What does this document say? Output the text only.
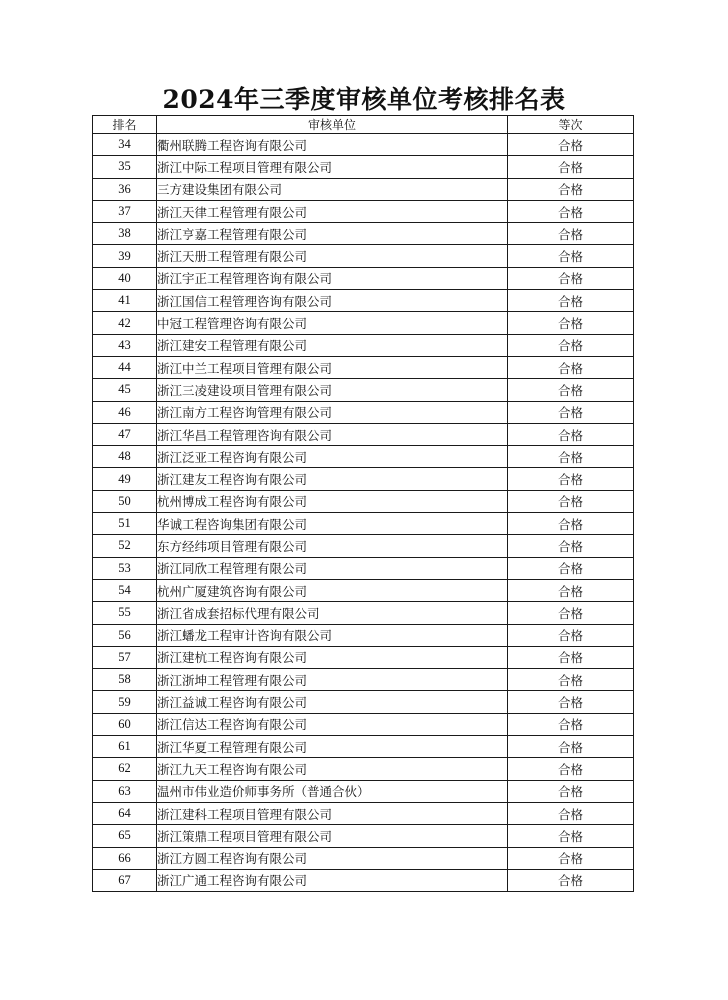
2024年三季度审核单位考核排名表
排名	审核单位	等次
34	衢州联腾工程咨询有限公司	合格
35	浙江中际工程项目管理有限公司	合格
36	三方建设集团有限公司	合格
37	浙江天律工程管理有限公司	合格
38	浙江亨嘉工程管理有限公司	合格
39	浙江天册工程管理有限公司	合格
40	浙江宇正工程管理咨询有限公司	合格
41	浙江国信工程管理咨询有限公司	合格
42	中冠工程管理咨询有限公司	合格
43	浙江建安工程管理有限公司	合格
44	浙江中兰工程项目管理有限公司	合格
45	浙江三凌建设项目管理有限公司	合格
46	浙江南方工程咨询管理有限公司	合格
47	浙江华昌工程管理咨询有限公司	合格
48	浙江泛亚工程咨询有限公司	合格
49	浙江建友工程咨询有限公司	合格
50	杭州博成工程咨询有限公司	合格
51	华诚工程咨询集团有限公司	合格
52	东方经纬项目管理有限公司	合格
53	浙江同欣工程管理有限公司	合格
54	杭州广厦建筑咨询有限公司	合格
55	浙江省成套招标代理有限公司	合格
56	浙江蟠龙工程审计咨询有限公司	合格
57	浙江建杭工程咨询有限公司	合格
58	浙江浙坤工程管理有限公司	合格
59	浙江益诚工程咨询有限公司	合格
60	浙江信达工程咨询有限公司	合格
61	浙江华夏工程管理有限公司	合格
62	浙江九天工程咨询有限公司	合格
63	温州市伟业造价师事务所（普通合伙）	合格
64	浙江建科工程项目管理有限公司	合格
65	浙江策鼎工程项目管理有限公司	合格
66	浙江方圆工程咨询有限公司	合格
67	浙江广通工程咨询有限公司	合格
